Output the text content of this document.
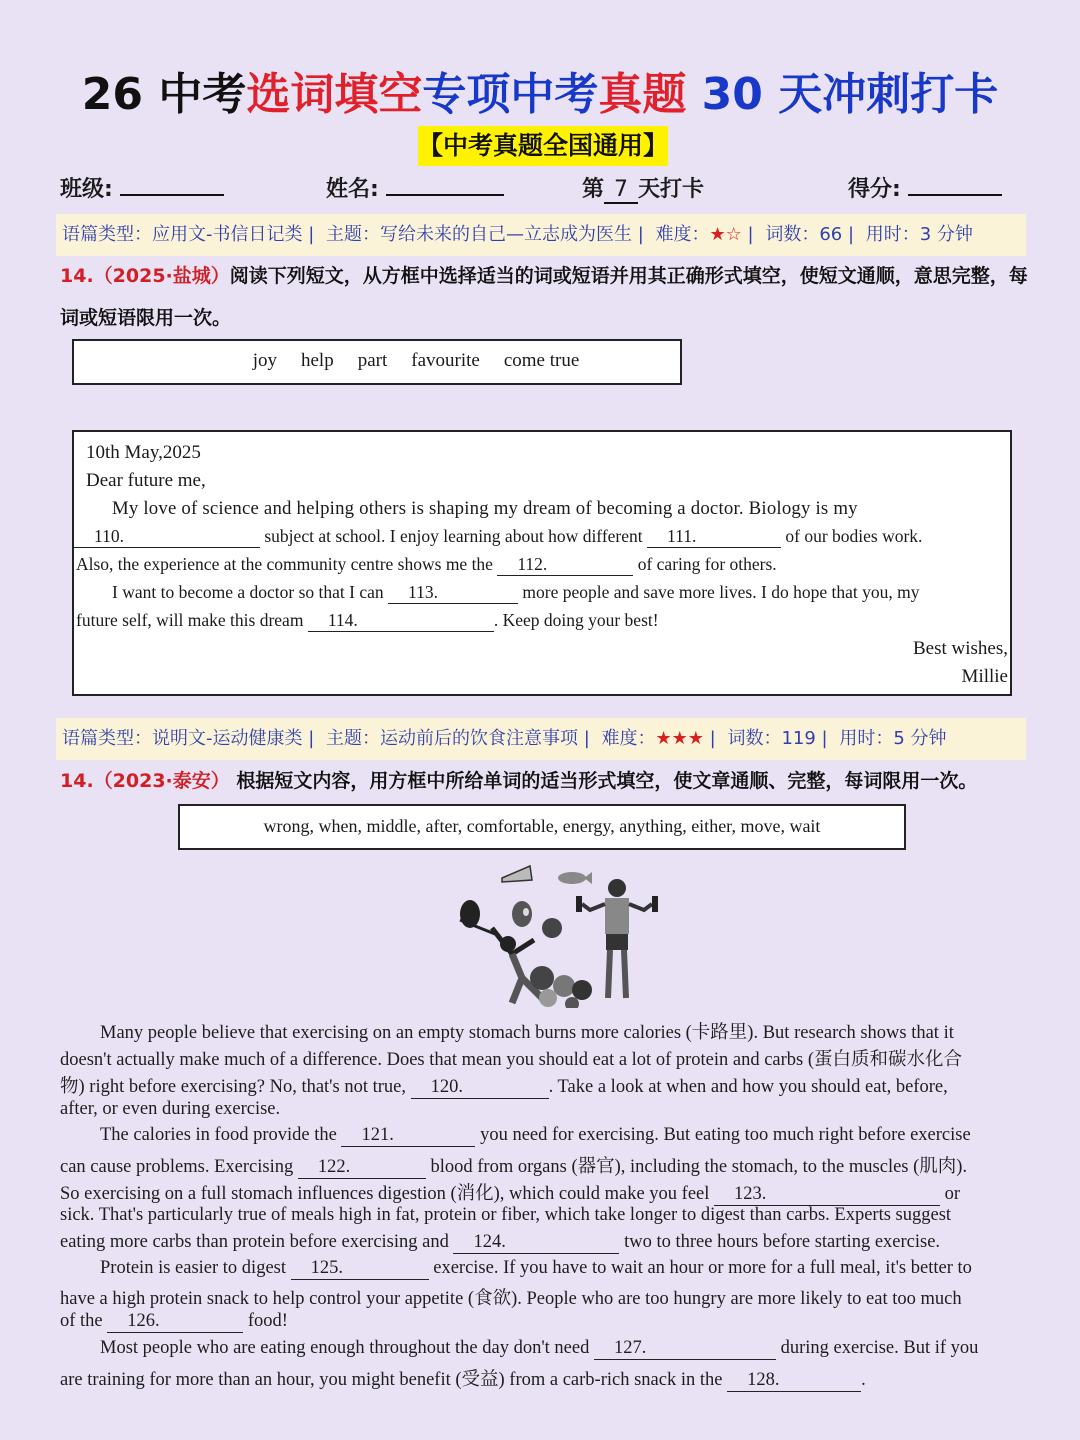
26 中考选词填空专项中考真题 30 天冲刺打卡
【中考真题全国通用】
班级:	姓名:	第 7 天打卡	得分:
语篇类型：应用文-书信日记类 | 主题：写给未来的自己—立志成为医生 | 难度：★☆ | 词数：66 | 用时：3 分钟
14.（2025·盐城）阅读下列短文，从方框中选择适当的词或短语并用其正确形式填空，使短文通顺，意思完整，每
词或短语限用一次。
joy help part favourite come true
10th May,2025
Dear future me,
My love of science and helping others is shaping my dream of becoming a doctor. Biology is my
110.	subject at school. I enjoy learning about how different 111.	of our bodies work.
Also, the experience at the community centre shows me the 112.	of caring for others.
I want to become a doctor so that I can 113.	more people and save more lives. I do hope that you, my
future self, will make this dream 114.	. Keep doing your best!
Best wishes,
Millie
语篇类型：说明文-运动健康类 | 主题：运动前后的饮食注意事项 | 难度：★★★ | 词数：119 | 用时：5 分钟
14.（2023·泰安） 根据短文内容，用方框中所给单词的适当形式填空，使文章通顺、完整，每词限用一次。
wrong, when, middle, after, comfortable, energy, anything, either, move, wait
Many people believe that exercising on an empty stomach burns more calories (卡路里). But research shows that it
doesn't actually make much of a difference. Does that mean you should eat a lot of protein and carbs (蛋白质和碳水化合
物) right before exercising? No, that's not true, 120.	. Take a look at when and how you should eat, before,
after, or even during exercise.
The calories in food provide the 121.	you need for exercising. But eating too much right before exercise
can cause problems. Exercising 122.	blood from organs (器官), including the stomach, to the muscles (肌肉).
So exercising on a full stomach influences digestion (消化), which could make you feel 123.	or
sick. That's particularly true of meals high in fat, protein or fiber, which take longer to digest than carbs. Experts suggest
eating more carbs than protein before exercising and 124.	two to three hours before starting exercise.
Protein is easier to digest 125.	exercise. If you have to wait an hour or more for a full meal, it's better to
have a high protein snack to help control your appetite (食欲). People who are too hungry are more likely to eat too much
of the 126.	food!
Most people who are eating enough throughout the day don't need 127.	during exercise. But if you
are training for more than an hour, you might benefit (受益) from a carb-rich snack in the 128.	.
